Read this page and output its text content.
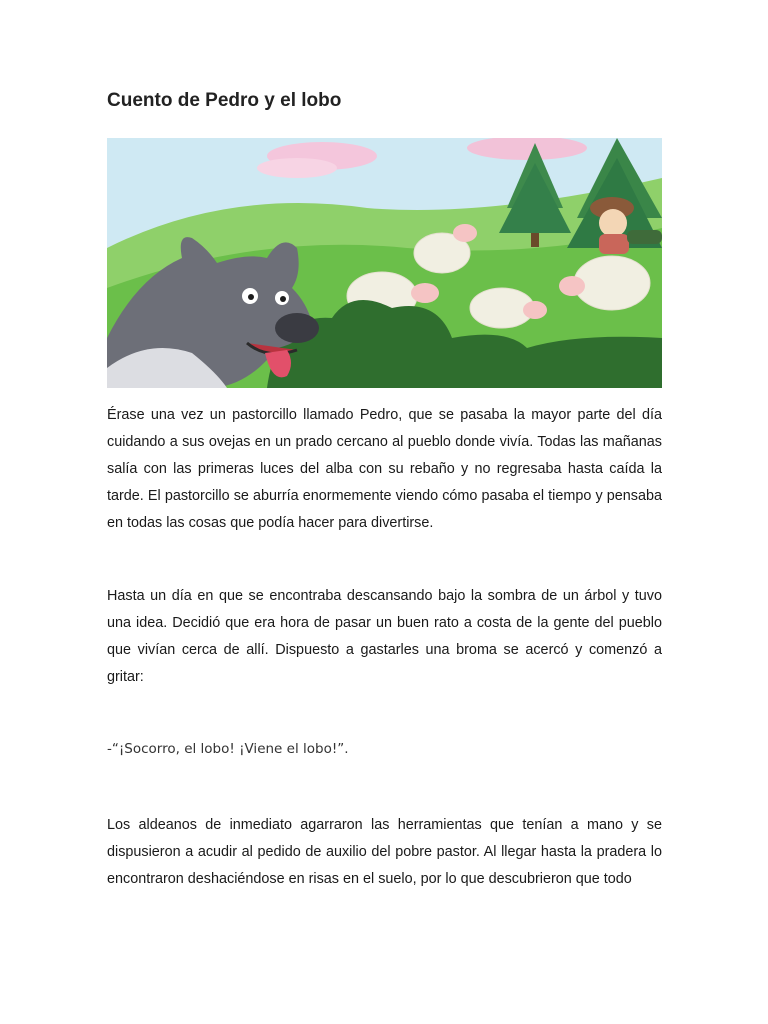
Cuento de Pedro y el lobo

Érase una vez un pastorcillo llamado Pedro, que se pasaba la mayor parte del día cuidando a sus ovejas en un prado cercano al pueblo donde vivía. Todas las mañanas salía con las primeras luces del alba con su rebaño y no regresaba hasta caída la tarde. El pastorcillo se aburría enormemente viendo cómo pasaba el tiempo y pensaba en todas las cosas que podía hacer para divertirse.

Hasta un día en que se encontraba descansando bajo la sombra de un árbol y tuvo una idea. Decidió que era hora de pasar un buen rato a costa de la gente del pueblo que vivían cerca de allí. Dispuesto a gastarles una broma se acercó y comenzó a gritar:

-“¡Socorro, el lobo! ¡Viene el lobo!”.

Los aldeanos de inmediato agarraron las herramientas que tenían a mano y se dispusieron a acudir al pedido de auxilio del pobre pastor. Al llegar hasta la pradera lo encontraron deshaciéndose en risas en el suelo, por lo que descubrieron que todo
